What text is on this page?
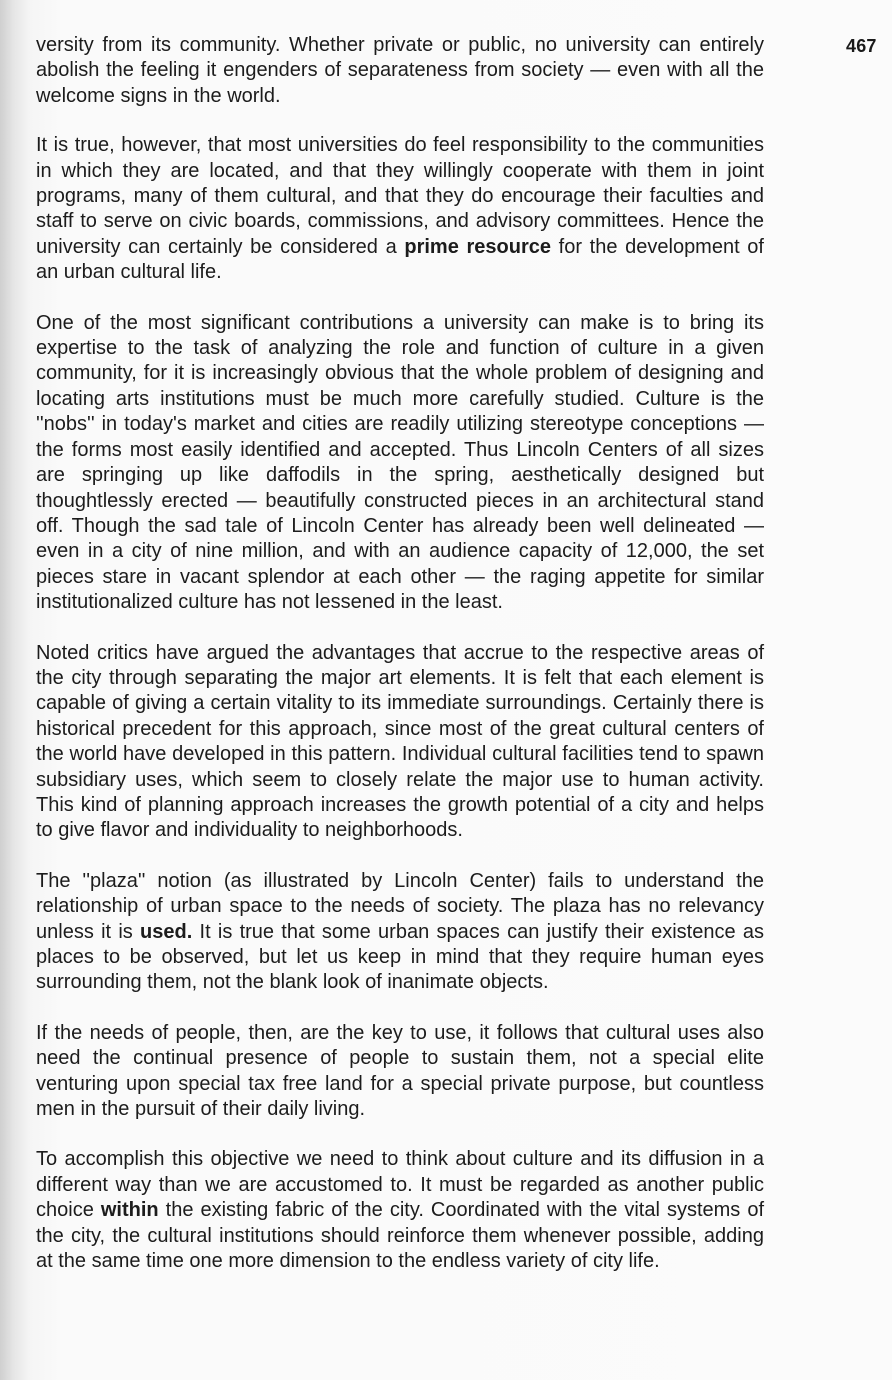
467

versity from its community. Whether private or public, no university can entirely abolish the feeling it engenders of separateness from society — even with all the welcome signs in the world.

It is true, however, that most universities do feel responsibility to the communities in which they are located, and that they willingly cooperate with them in joint programs, many of them cultural, and that they do encourage their faculties and staff to serve on civic boards, commissions, and advisory committees. Hence the university can certainly be considered a prime resource for the development of an urban cultural life.

One of the most significant contributions a university can make is to bring its expertise to the task of analyzing the role and function of culture in a given community, for it is increasingly obvious that the whole problem of designing and locating arts institutions must be much more carefully studied. Culture is the ''nobs'' in today's market and cities are readily utilizing stereotype conceptions — the forms most easily identified and accepted. Thus Lincoln Centers of all sizes are springing up like daffodils in the spring, aesthetically designed but thoughtlessly erected — beautifully constructed pieces in an architectural stand off. Though the sad tale of Lincoln Center has already been well delineated — even in a city of nine million, and with an audience capacity of 12,000, the set pieces stare in vacant splendor at each other — the raging appetite for similar institutionalized culture has not lessened in the least.

Noted critics have argued the advantages that accrue to the respective areas of the city through separating the major art elements. It is felt that each element is capable of giving a certain vitality to its immediate surroundings. Certainly there is historical precedent for this approach, since most of the great cultural centers of the world have developed in this pattern. Individual cultural facilities tend to spawn subsidiary uses, which seem to closely relate the major use to human activity. This kind of planning approach increases the growth potential of a city and helps to give flavor and individuality to neighborhoods.

The ''plaza'' notion (as illustrated by Lincoln Center) fails to understand the relationship of urban space to the needs of society. The plaza has no relevancy unless it is used. It is true that some urban spaces can justify their existence as places to be observed, but let us keep in mind that they require human eyes surrounding them, not the blank look of inanimate objects.

If the needs of people, then, are the key to use, it follows that cultural uses also need the continual presence of people to sustain them, not a special elite venturing upon special tax free land for a special private purpose, but countless men in the pursuit of their daily living.

To accomplish this objective we need to think about culture and its diffusion in a different way than we are accustomed to. It must be regarded as another public choice within the existing fabric of the city. Coordinated with the vital systems of the city, the cultural institutions should reinforce them whenever possible, adding at the same time one more dimension to the endless variety of city life.
